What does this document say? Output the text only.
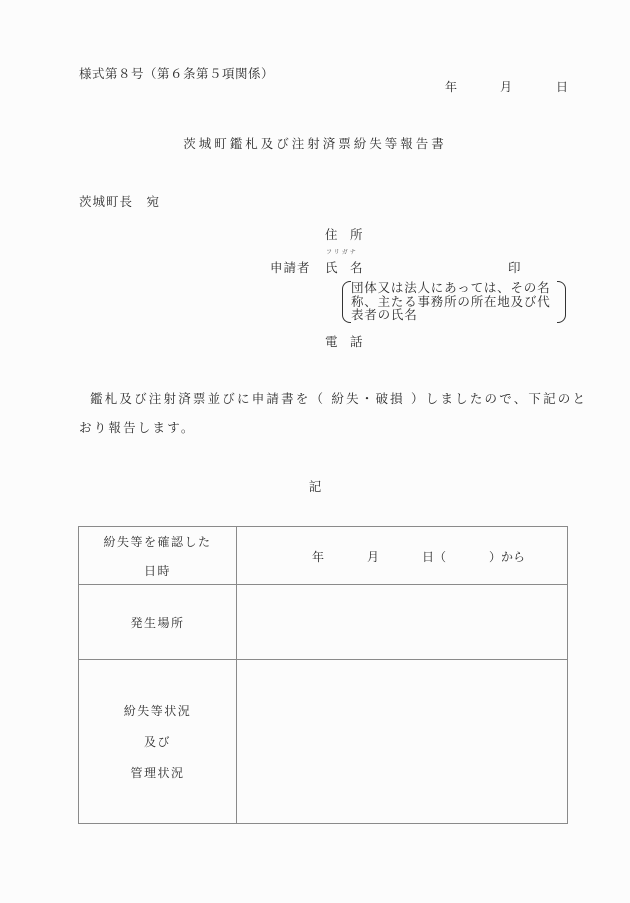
様式第８号（第６条第５項関係）
年	月	日
茨城町鑑札及び注射済票紛失等報告書
茨城町長　宛
住　所
フリガナ
申請者 氏　名	印
団体又は法人にあっては、その名
称、主たる事務所の所在地及び代
表者の氏名
電　話
鑑札及び注射済票並びに申請書を（ 紛失・破損 ）しましたので、下記のと
おり報告します。
記
紛失等を確認した
日時	年 月 日（ ）から

発生場所	

紛失等状況
及び
管理状況	
